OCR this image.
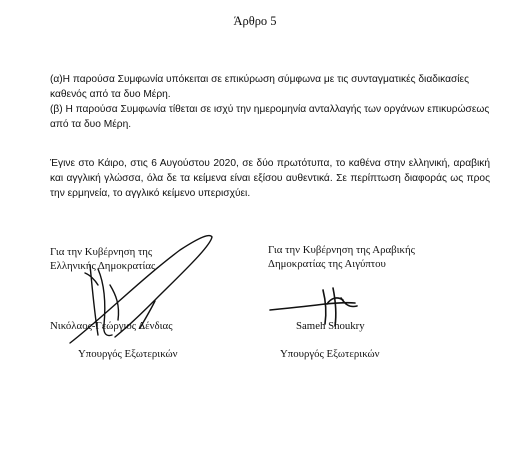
Άρθρο 5

(α)Η παρούσα Συμφωνία υπόκειται σε επικύρωση σύμφωνα με τις συνταγματικές διαδικασίες καθενός από τα δυο Μέρη.

(β) Η παρούσα Συμφωνία τίθεται σε ισχύ την ημερομηνία ανταλλαγής των οργάνων επικυρώσεως από τα δυο Μέρη.

Έγινε στο Κάιρο, στις 6 Αυγούστου 2020, σε δύο πρωτότυπα, το καθένα στην ελληνική, αραβική και αγγλική γλώσσα, όλα δε τα κείμενα είναι εξίσου αυθεντικά. Σε περίπτωση διαφοράς ως προς την ερμηνεία, το αγγλικό κείμενο υπερισχύει.

Για την Κυβέρνηση της
Ελληνικής Δημοκρατίας
Νικόλαος-Γεώργιος Δένδιας
Υπουργός Εξωτερικών
Για την Κυβέρνηση της Αραβικής
Δημοκρατίας της Αιγύπτου
Sameh Shoukry
Υπουργός Εξωτερικών
